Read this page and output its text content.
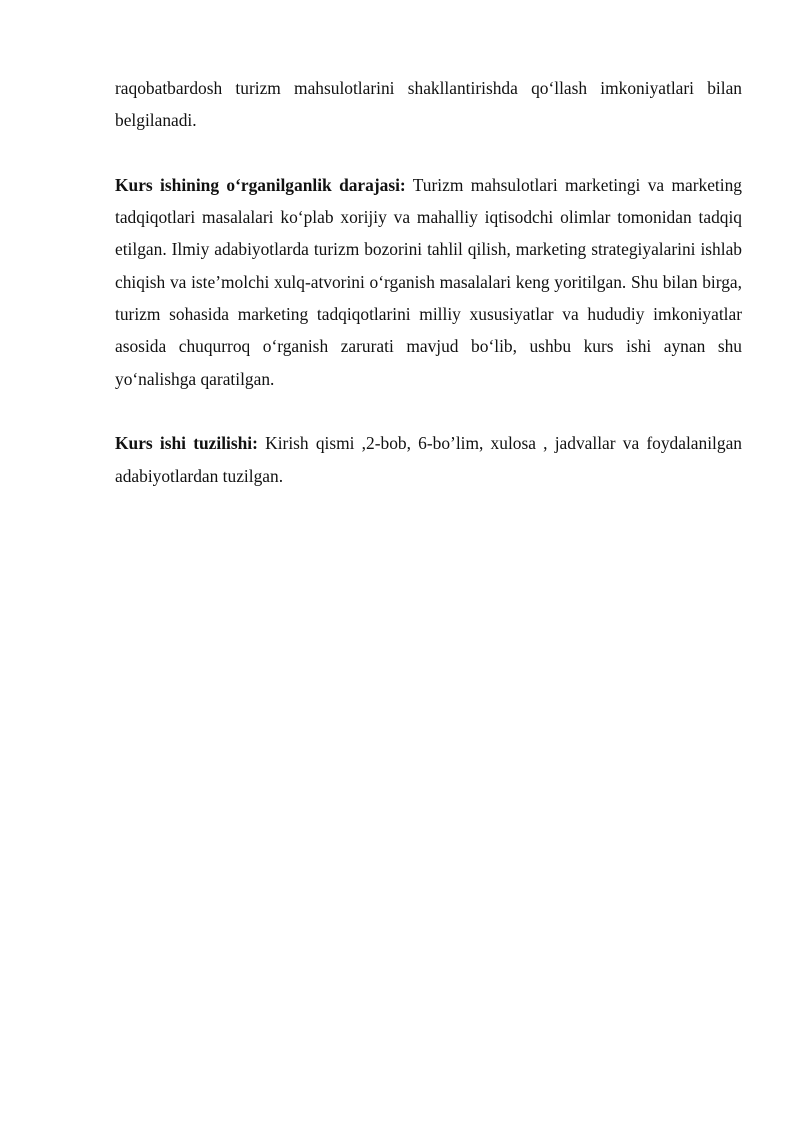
raqobatbardosh turizm mahsulotlarini shakllantirishda qo‘llash imkoniyatlari bilan belgilanadi.

Kurs ishining o‘rganilganlik darajasi: Turizm mahsulotlari marketingi va marketing tadqiqotlari masalalari ko‘plab xorijiy va mahalliy iqtisodchi olimlar tomonidan tadqiq etilgan. Ilmiy adabiyotlarda turizm bozorini tahlil qilish, marketing strategiyalarini ishlab chiqish va iste’molchi xulq-atvorini o‘rganish masalalari keng yoritilgan. Shu bilan birga, turizm sohasida marketing tadqiqotlarini milliy xususiyatlar va hududiy imkoniyatlar asosida chuqurroq o‘rganish zarurati mavjud bo‘lib, ushbu kurs ishi aynan shu yo‘nalishga qaratilgan.

Kurs ishi tuzilishi: Kirish qismi ,2-bob, 6-bo’lim, xulosa , jadvallar va foydalanilgan adabiyotlardan tuzilgan.
